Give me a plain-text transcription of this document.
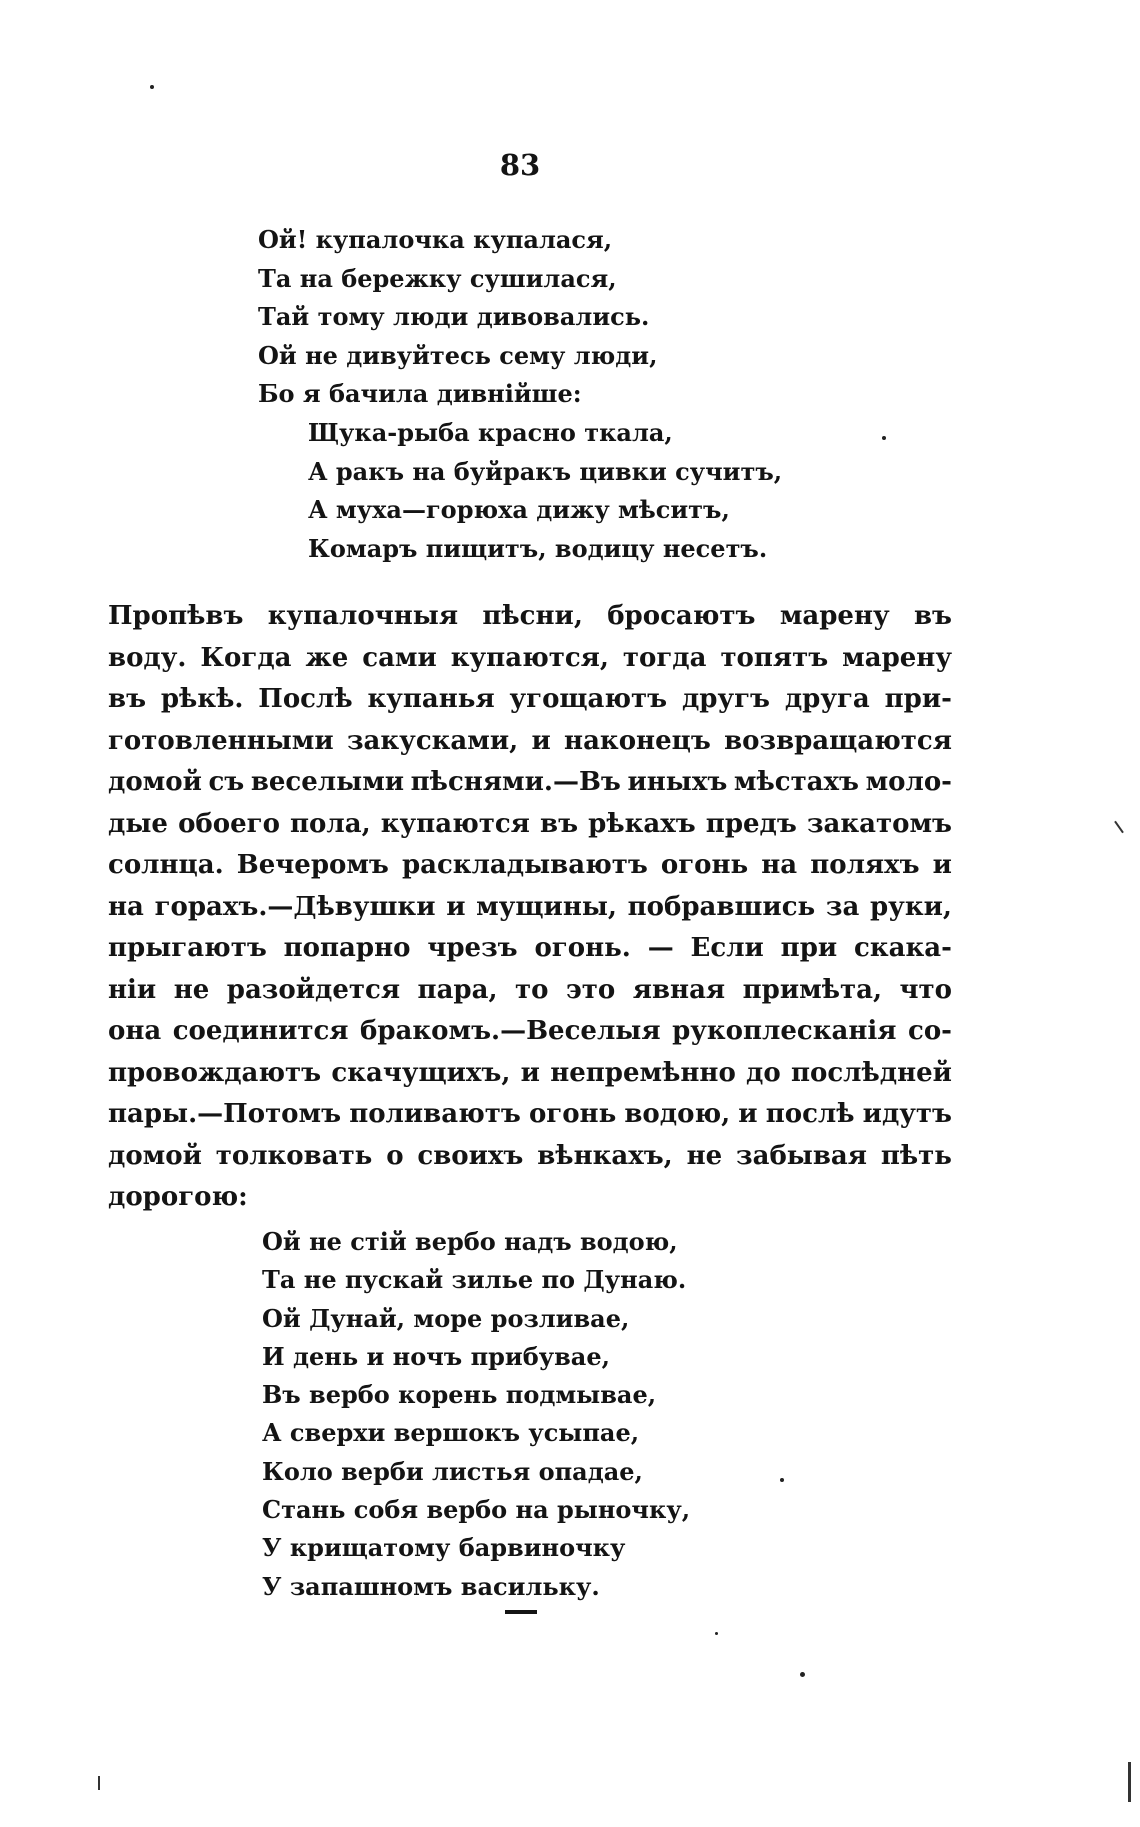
83
Ой! купалочка купалася,
Та на бережку сушилася,
Тай тому люди дивовались.
Ой не дивуйтесь сему люди,
Бо я бачила дивнійше:
Щука-рыба красно ткала,
А ракъ на буйракъ цивки сучитъ,
А муха—горюха дижу мѣситъ,
Комаръ пищитъ, водицу несетъ.
Пропѣвъ купалочныя пѣсни, бросаютъ марену въ
воду. Когда же сами купаются, тогда топятъ марену
въ рѣкѣ. Послѣ купанья угощаютъ другъ друга при-
готовленными закусками, и наконецъ возвращаются
домой съ веселыми пѣснями.—Въ иныхъ мѣстахъ моло-
дые обоего пола, купаются въ рѣкахъ предъ закатомъ
солнца. Вечеромъ раскладываютъ огонь на поляхъ и
на горахъ.—Дѣвушки и мущины, побравшись за руки,
прыгаютъ попарно чрезъ огонь. — Если при скака-
ніи не разойдется пара, то это явная примѣта, что
она соединится бракомъ.—Веселыя рукоплесканія со-
провождаютъ скачущихъ, и непремѣнно до послѣдней
пары.—Потомъ поливаютъ огонь водою, и послѣ идутъ
домой толковать о своихъ вѣнкахъ, не забывая пѣть
дорогою:
Ой не стій вербо надъ водою,
Та не пускай зилье по Дунаю.
Ой Дунай, море розливае,
И день и ночъ прибувае,
Въ вербо корень подмывае,
А сверхи вершокъ усыпае,
Коло верби листья опадае,
Стань собя вербо на рыночку,
У крищатому барвиночку
У запашномъ васильку.
